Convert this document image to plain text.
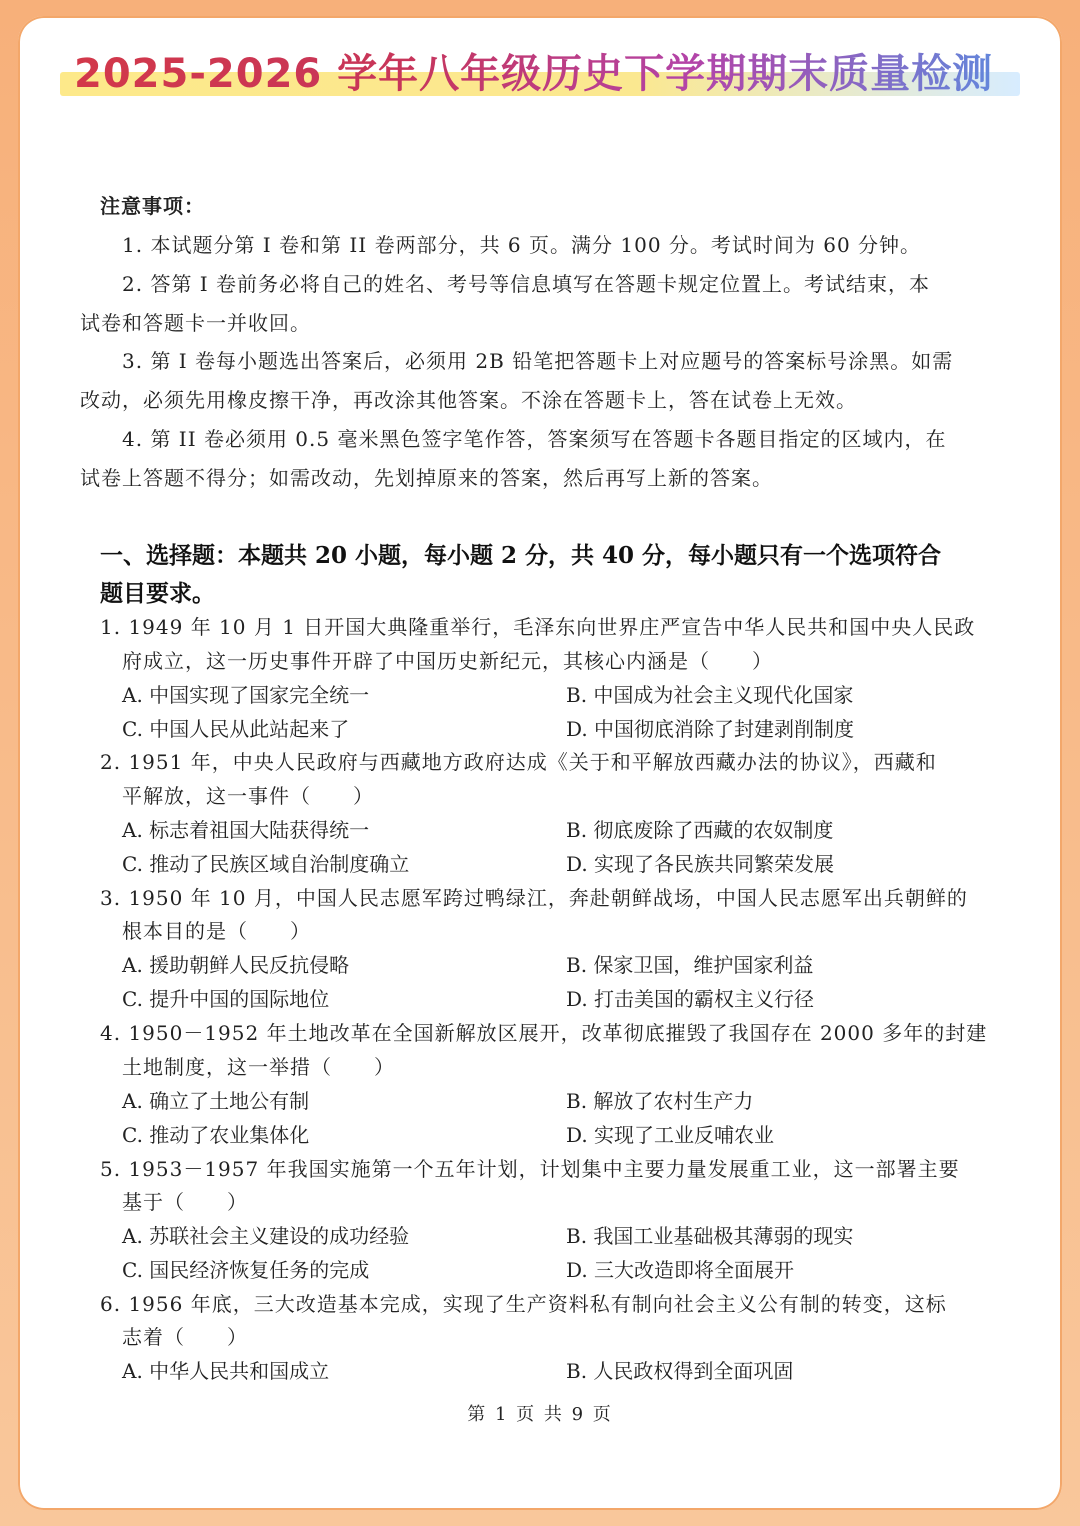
2025-2026 学年八年级历史下学期期末质量检测
注意事项：
1. 本试题分第 I 卷和第 II 卷两部分，共 6 页。满分 100 分。考试时间为 60 分钟。
2. 答第 I 卷前务必将自己的姓名、考号等信息填写在答题卡规定位置上。考试结束，本
试卷和答题卡一并收回。
3. 第 I 卷每小题选出答案后，必须用 2B 铅笔把答题卡上对应题号的答案标号涂黑。如需
改动，必须先用橡皮擦干净，再改涂其他答案。不涂在答题卡上，答在试卷上无效。
4. 第 II 卷必须用 0.5 毫米黑色签字笔作答，答案须写在答题卡各题目指定的区域内，在
试卷上答题不得分；如需改动，先划掉原来的答案，然后再写上新的答案。
一、选择题：本题共 20 小题，每小题 2 分，共 40 分，每小题只有一个选项符合
题目要求。
1. 1949 年 10 月 1 日开国大典隆重举行，毛泽东向世界庄严宣告中华人民共和国中央人民政
府成立，这一历史事件开辟了中国历史新纪元，其核心内涵是（　　）
A. 中国实现了国家完全统一	B. 中国成为社会主义现代化国家
C. 中国人民从此站起来了	D. 中国彻底消除了封建剥削制度
2. 1951 年，中央人民政府与西藏地方政府达成《关于和平解放西藏办法的协议》，西藏和
平解放，这一事件（　　）
A. 标志着祖国大陆获得统一	B. 彻底废除了西藏的农奴制度
C. 推动了民族区域自治制度确立	D. 实现了各民族共同繁荣发展
3. 1950 年 10 月，中国人民志愿军跨过鸭绿江，奔赴朝鲜战场，中国人民志愿军出兵朝鲜的
根本目的是（　　）
A. 援助朝鲜人民反抗侵略	B. 保家卫国，维护国家利益
C. 提升中国的国际地位	D. 打击美国的霸权主义行径
4. 1950－1952 年土地改革在全国新解放区展开，改革彻底摧毁了我国存在 2000 多年的封建
土地制度，这一举措（　　）
A. 确立了土地公有制	B. 解放了农村生产力
C. 推动了农业集体化	D. 实现了工业反哺农业
5. 1953－1957 年我国实施第一个五年计划，计划集中主要力量发展重工业，这一部署主要
基于（　　）
A. 苏联社会主义建设的成功经验	B. 我国工业基础极其薄弱的现实
C. 国民经济恢复任务的完成	D. 三大改造即将全面展开
6. 1956 年底，三大改造基本完成，实现了生产资料私有制向社会主义公有制的转变，这标
志着（　　）
A. 中华人民共和国成立	B. 人民政权得到全面巩固
第 1 页 共 9 页
